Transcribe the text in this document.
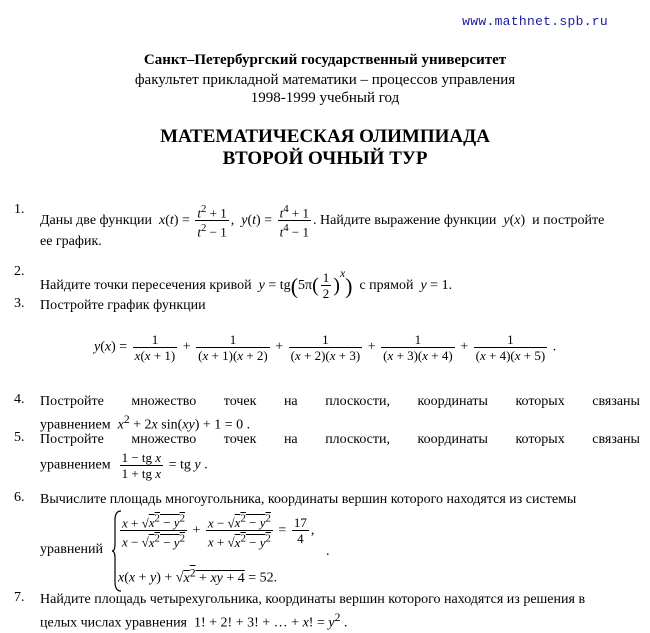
www.mathnet.spb.ru
Санкт–Петербургский государственный университет
факультет прикладной математики – процессов управления
1998-1999 учебный год
МАТЕМАТИЧЕСКАЯ ОЛИМПИАДА
ВТОРОЙ ОЧНЫЙ ТУР
1.
Даны две функции $x(t) = \frac{t^2 + 1}{t^2 - 1}$ ,  $y(t) = \frac{t^4 + 1}{t^4 - 1}$ . Найдите выражение функции y(x)  и постройте
ее график.
2.
Найдите точки пересечения кривой $y = tg(5\pi( \frac{1}{2} )^x)$ с прямой y = 1.
3. Постройте график функции
$y(x) = \frac{1}{x(x + 1)} + \frac{1}{(x + 1)(x + 2)} + \frac{1}{(x + 2)(x + 3)} + \frac{1}{(x + 3)(x + 4)} + \frac{1}{(x + 4)(x + 5)}$ .
4. Постройте множество точек на плоскости, координаты которых связаны
уравнением $x^2 + 2x$ sin(xy) + 1 = 0 .
5. Постройте множество точек на плоскости, координаты которых связаны
уравнением $\frac{\text{1 − tg x}}{\text{1 + tg x}}$ = tg y .
6. Вычислите площадь многоугольника, координаты вершин которого находятся из системы
уравнений	$\frac{x + √x^2 - y^2}{x - √x^2 - y^2} + \frac{x - √x^2 - y^2}{x + √x^2 - y^2} = \frac{17}{4}$ ,
.
$x(x + y) + √x^2$ + xy + 4 = 52.
7. Найдите площадь четырехугольника, координаты вершин которого находятся из решения в
целых числах уравнения  1! + 2! + 3! + … + x! = $y^2$ .
